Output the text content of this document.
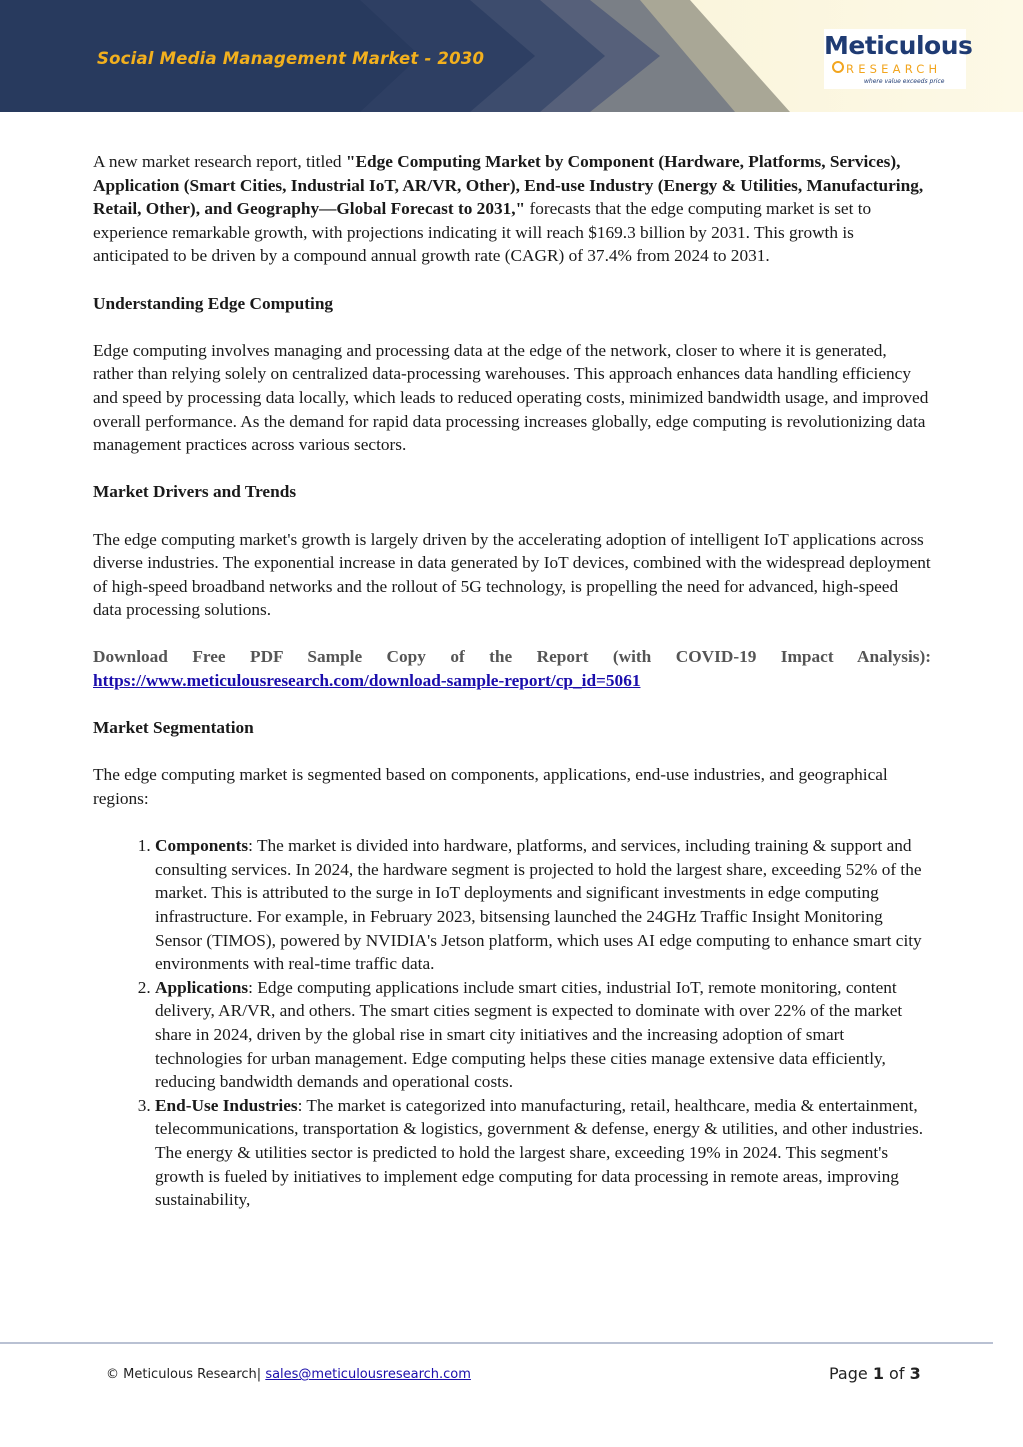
Social Media Management Market - 2030	Meticulous
RESEARCH
where value exceeds price

A new market research report, titled "Edge Computing Market by Component (Hardware, Platforms, Services), Application (Smart Cities, Industrial IoT, AR/VR, Other), End-use Industry (Energy & Utilities, Manufacturing, Retail, Other), and Geography—Global Forecast to 2031," forecasts that the edge computing market is set to experience remarkable growth, with projections indicating it will reach $169.3 billion by 2031. This growth is anticipated to be driven by a compound annual growth rate (CAGR) of 37.4% from 2024 to 2031.

Understanding Edge Computing

Edge computing involves managing and processing data at the edge of the network, closer to where it is generated, rather than relying solely on centralized data-processing warehouses. This approach enhances data handling efficiency and speed by processing data locally, which leads to reduced operating costs, minimized bandwidth usage, and improved overall performance. As the demand for rapid data processing increases globally, edge computing is revolutionizing data management practices across various sectors.

Market Drivers and Trends

The edge computing market's growth is largely driven by the accelerating adoption of intelligent IoT applications across diverse industries. The exponential increase in data generated by IoT devices, combined with the widespread deployment of high-speed broadband networks and the rollout of 5G technology, is propelling the need for advanced, high-speed data processing solutions.

Download Free PDF Sample Copy of the Report (with COVID-19 Impact Analysis):

https://www.meticulousresearch.com/download-sample-report/cp_id=5061

Market Segmentation

The edge computing market is segmented based on components, applications, end-use industries, and geographical regions:

1. Components: The market is divided into hardware, platforms, and services, including training & support and consulting services. In 2024, the hardware segment is projected to hold the largest share, exceeding 52% of the market. This is attributed to the surge in IoT deployments and significant investments in edge computing infrastructure. For example, in February 2023, bitsensing launched the 24GHz Traffic Insight Monitoring Sensor (TIMOS), powered by NVIDIA's Jetson platform, which uses AI edge computing to enhance smart city environments with real-time traffic data.
2. Applications: Edge computing applications include smart cities, industrial IoT, remote monitoring, content delivery, AR/VR, and others. The smart cities segment is expected to dominate with over 22% of the market share in 2024, driven by the global rise in smart city initiatives and the increasing adoption of smart technologies for urban management. Edge computing helps these cities manage extensive data efficiently, reducing bandwidth demands and operational costs.
3. End-Use Industries: The market is categorized into manufacturing, retail, healthcare, media & entertainment, telecommunications, transportation & logistics, government & defense, energy & utilities, and other industries. The energy & utilities sector is predicted to hold the largest share, exceeding 19% in 2024. This segment's growth is fueled by initiatives to implement edge computing for data processing in remote areas, improving sustainability,
© Meticulous Research| sales@meticulousresearch.com	Page 1 of 3
